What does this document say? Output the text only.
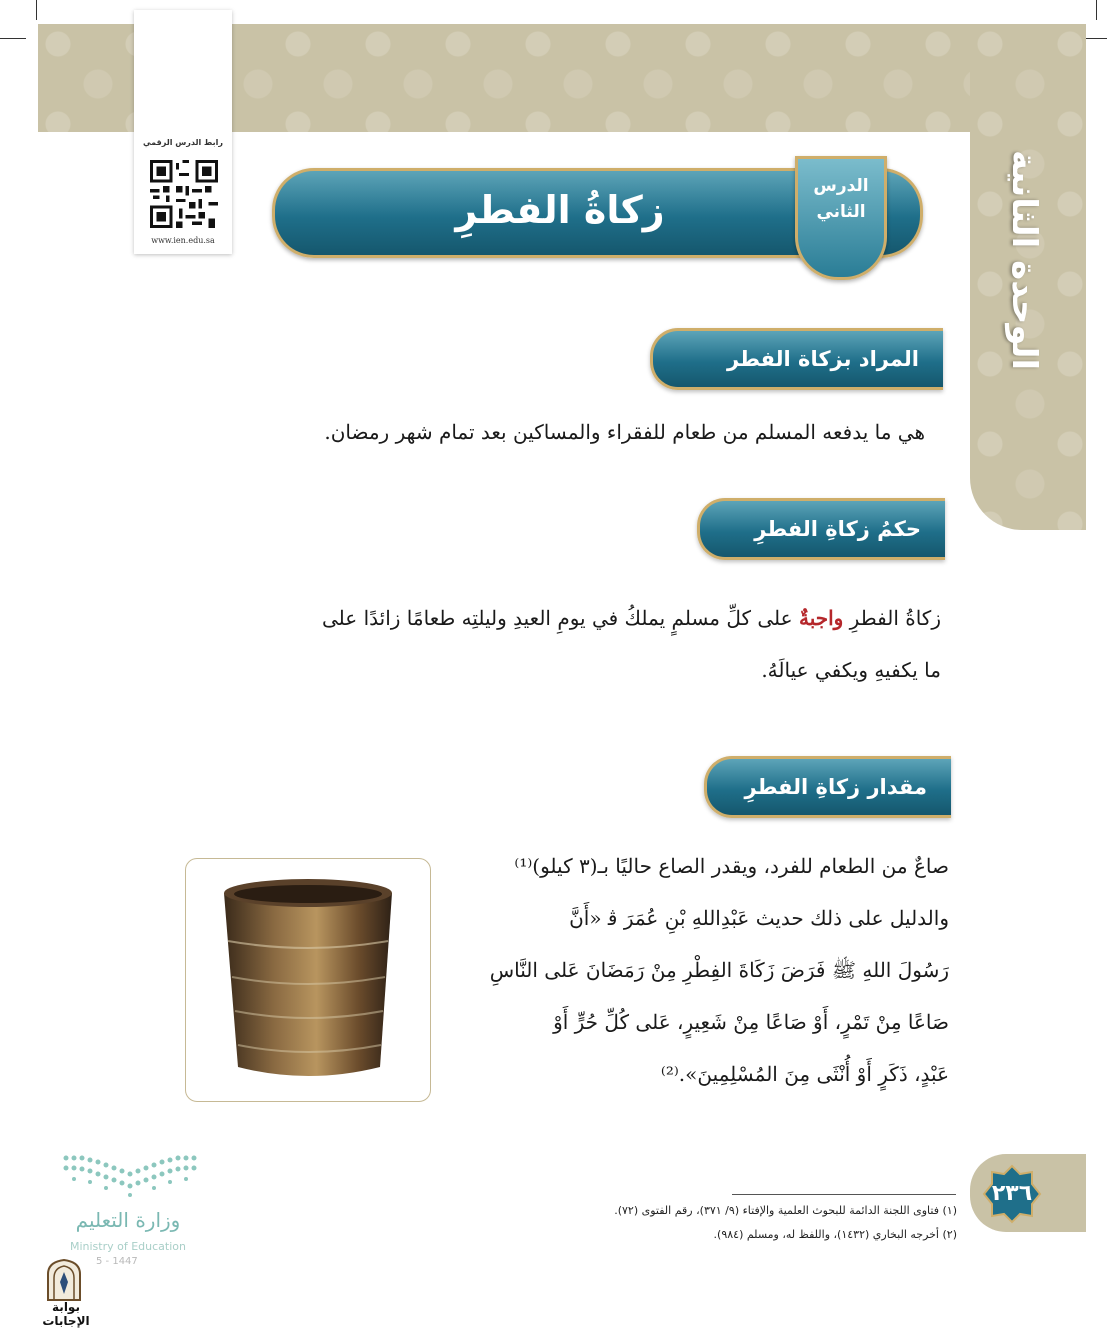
الوحدة الثانية
رابط الدرس الرقمي
www.ien.edu.sa
زكاةُ الفطرِ
الدرس
الثاني
المراد بزكاة الفطر
هي ما يدفعه المسلم من طعام للفقراء والمساكين بعد تمام شهر رمضان.
حكمُ زكاةِ الفطرِ
زكاةُ الفطرِ واجبةٌ على كلِّ مسلمٍ يملكُ في يومِ العيدِ وليلتِه طعامًا زائدًا على
ما يكفيهِ ويكفي عيالَهُ.
مقدار زكاةِ الفطرِ
صاعٌ من الطعام للفرد، ويقدر الصاع حاليًا بـ(٣ كيلو)⁽¹⁾
والدليل على ذلك حديث عَبْدِاللهِ بْنِ عُمَرَ ﭬ «أَنَّ
رَسُولَ اللهِ ﷺ فَرَضَ زَكَاةَ الفِطْرِ مِنْ رَمَضَانَ عَلى النَّاسِ
صَاعًا مِنْ تَمْرٍ، أَوْ صَاعًا مِنْ شَعِيرٍ، عَلى كُلِّ حُرٍّ أَوْ
عَبْدٍ، ذَكَرٍ أَوْ أُنْثَى مِنَ المُسْلِمِينَ».⁽²⁾
٢٣٦
(١) فتاوى اللجنة الدائمة للبحوث العلمية والإفتاء (٩/ ٣٧١)، رقم الفتوى (٧٢).
(٢) أخرجه البخاري (١٤٣٢)، واللفظ له، ومسلم (٩٨٤).
وزارة التعليم
Ministry of Education
5 - 1447
بوابة الإجابات
